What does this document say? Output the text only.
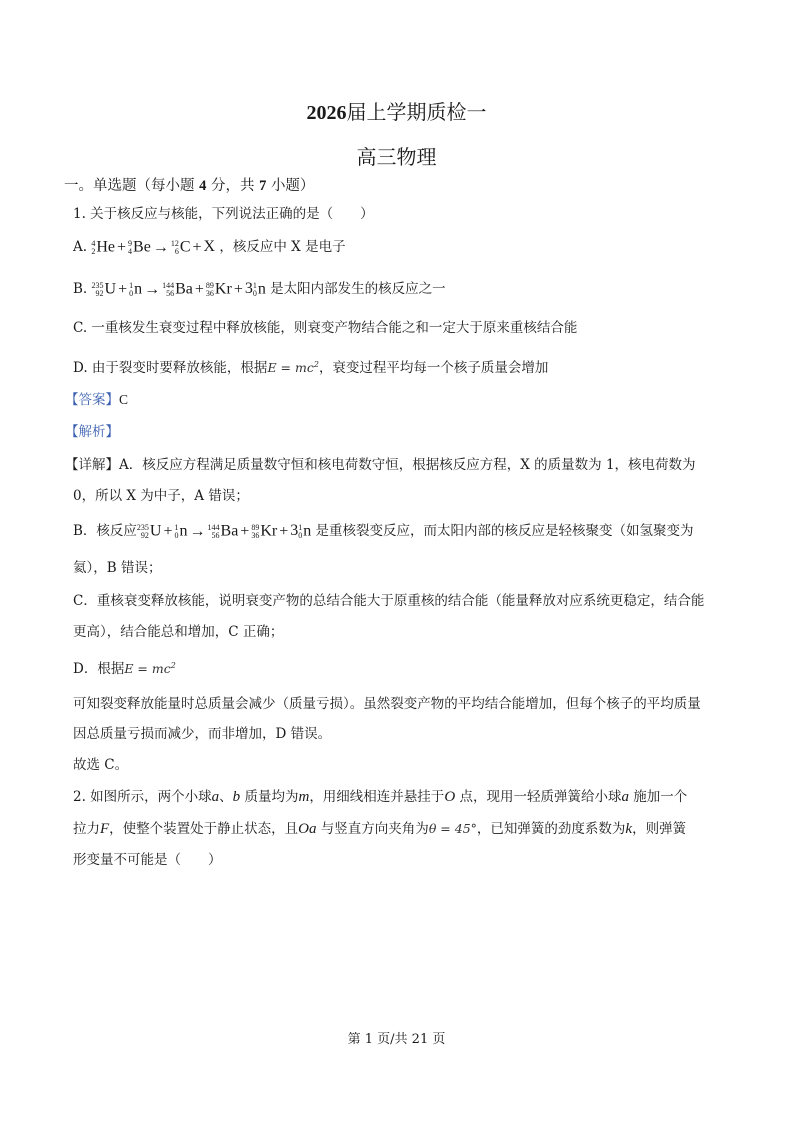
2026届上学期质检一
高三物理
一。单选题（每小题 4 分，共 7 小题）
1. 关于核反应与核能，下列说法正确的是（　　）
A. 4
2 He + 9
4 Be → 12
6 C + X ，核反应中 X 是电子
B. 235
92 U + 1
0 n → 144
56 Ba + 89
36 Kr + 3 1
0 n 是太阳内部发生的核反应之一
C. 一重核发生衰变过程中释放核能，则衰变产物结合能之和一定大于原来重核结合能
D. 由于裂变时要释放核能，根据$E = mc^2$，衰变过程平均每一个核子质量会增加
【答案】C
【解析】
【详解】A．核反应方程满足质量数守恒和核电荷数守恒，根据核反应方程，X 的质量数为 1，核电荷数为
0，所以 X 为中子，A 错误；
B．核反应 235
92 U + 1
0 n → 144
56 Ba + 89
36 Kr + 3 1
0 n 是重核裂变反应，而太阳内部的核反应是轻核聚变（如氢聚变为
氦），B 错误；
C．重核衰变释放核能，说明衰变产物的总结合能大于原重核的结合能（能量释放对应系统更稳定，结合能
更高），结合能总和增加，C 正确；
D．根据$E = mc^2$
可知裂变释放能量时总质量会减少（质量亏损）。虽然裂变产物的平均结合能增加，但每个核子的平均质量
因总质量亏损而减少，而非增加，D 错误。
故选 C。
2. 如图所示，两个小球a、b 质量均为m，用细线相连并悬挂于O 点，现用一轻质弹簧给小球a 施加一个
拉力F，使整个装置处于静止状态，且Oa 与竖直方向夹角为θ = 45°，已知弹簧的劲度系数为k，则弹簧
形变量不可能是（　　）
第 1 页/共 21 页
